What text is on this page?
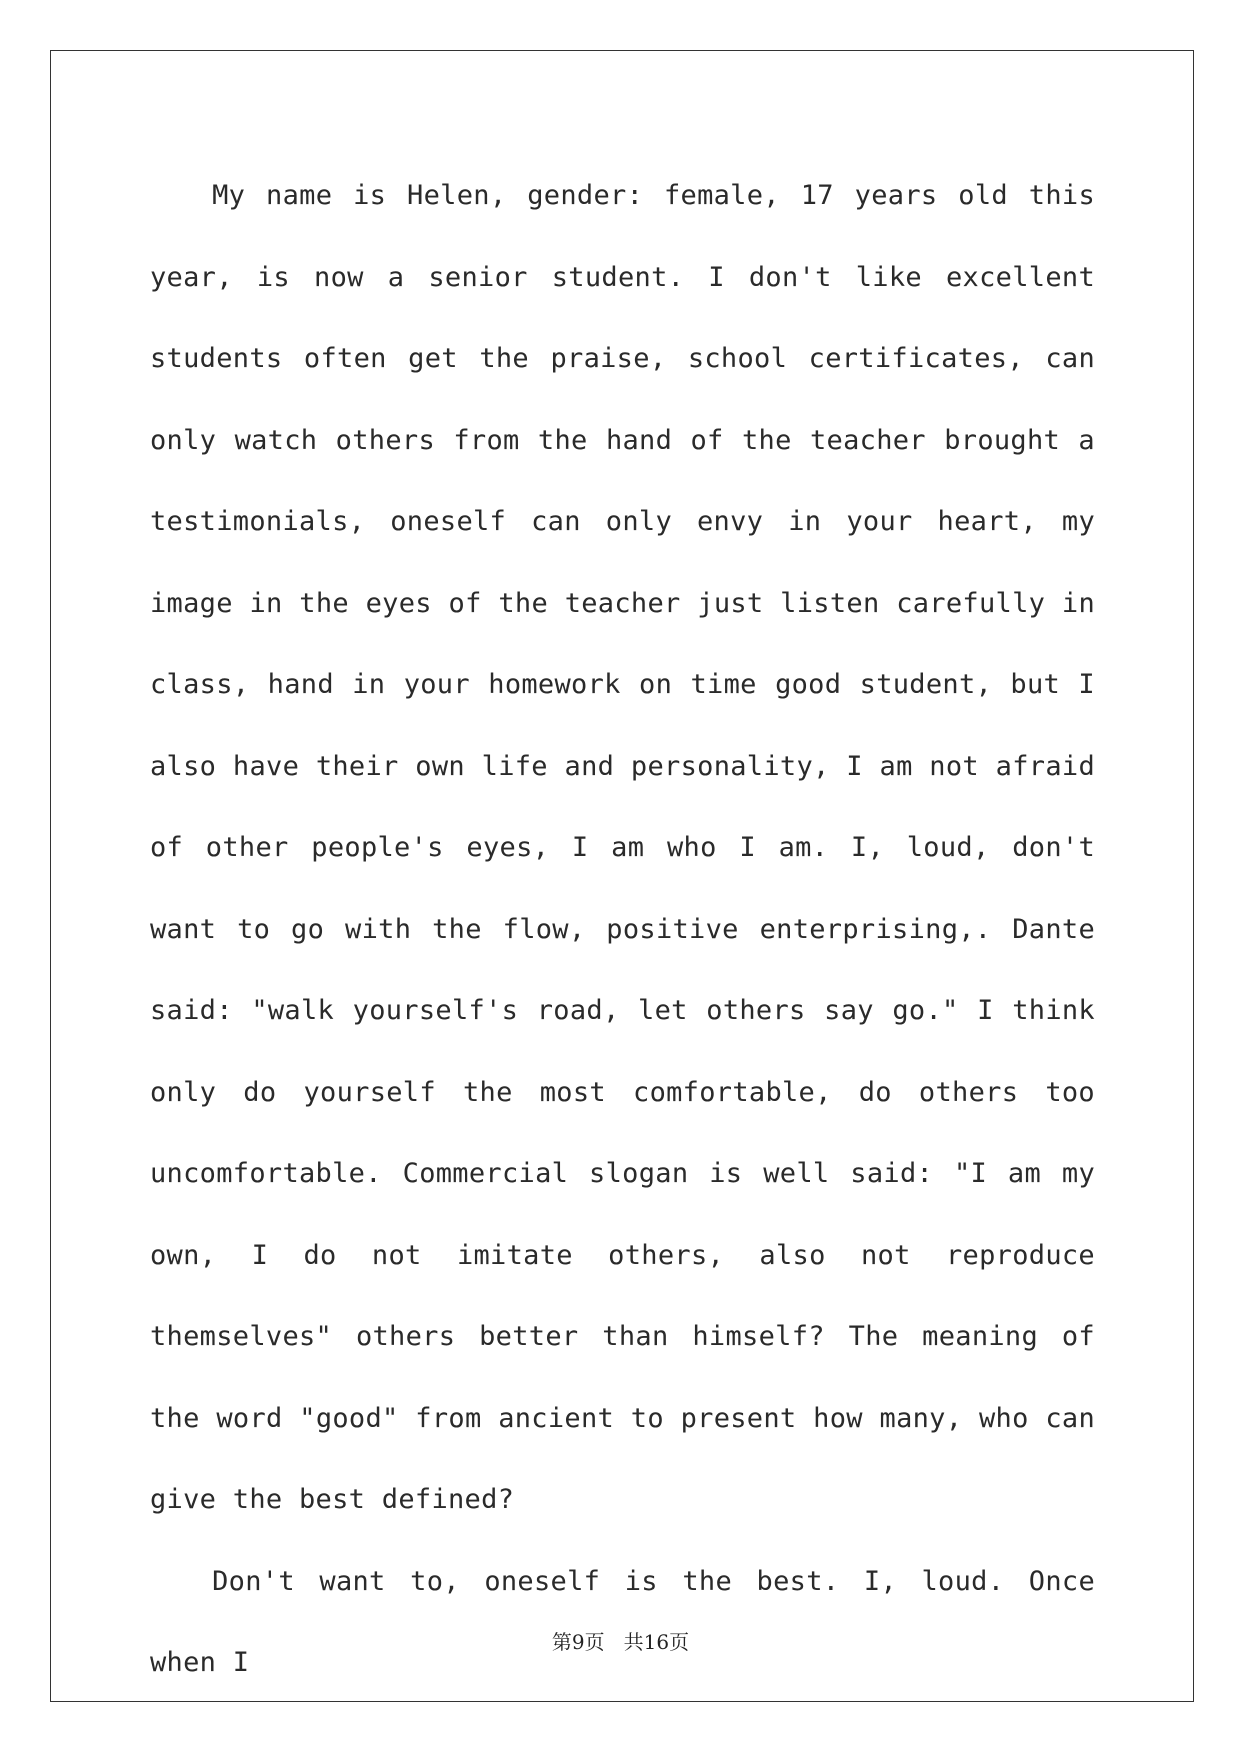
My name is Helen, gender: female, 17 years old this year, is now a senior student. I don't like excellent students often get the praise, school certificates, can only watch others from the hand of the teacher brought a testimonials, oneself can only envy in your heart, my image in the eyes of the teacher just listen carefully in class, hand in your homework on time good student, but I also have their own life and personality, I am not afraid of other people's eyes, I am who I am. I, loud, don't want to go with the flow, positive enterprising,. Dante said: "walk yourself's road, let others say go." I think only do yourself the most comfortable, do others too uncomfortable. Commercial slogan is well said: "I am my own, I do not imitate others, also not reproduce themselves" others better than himself? The meaning of the word "good" from ancient to present how many, who can give the best defined?

Don't want to, oneself is the best. I, loud. Once when I

第9页 共16页
